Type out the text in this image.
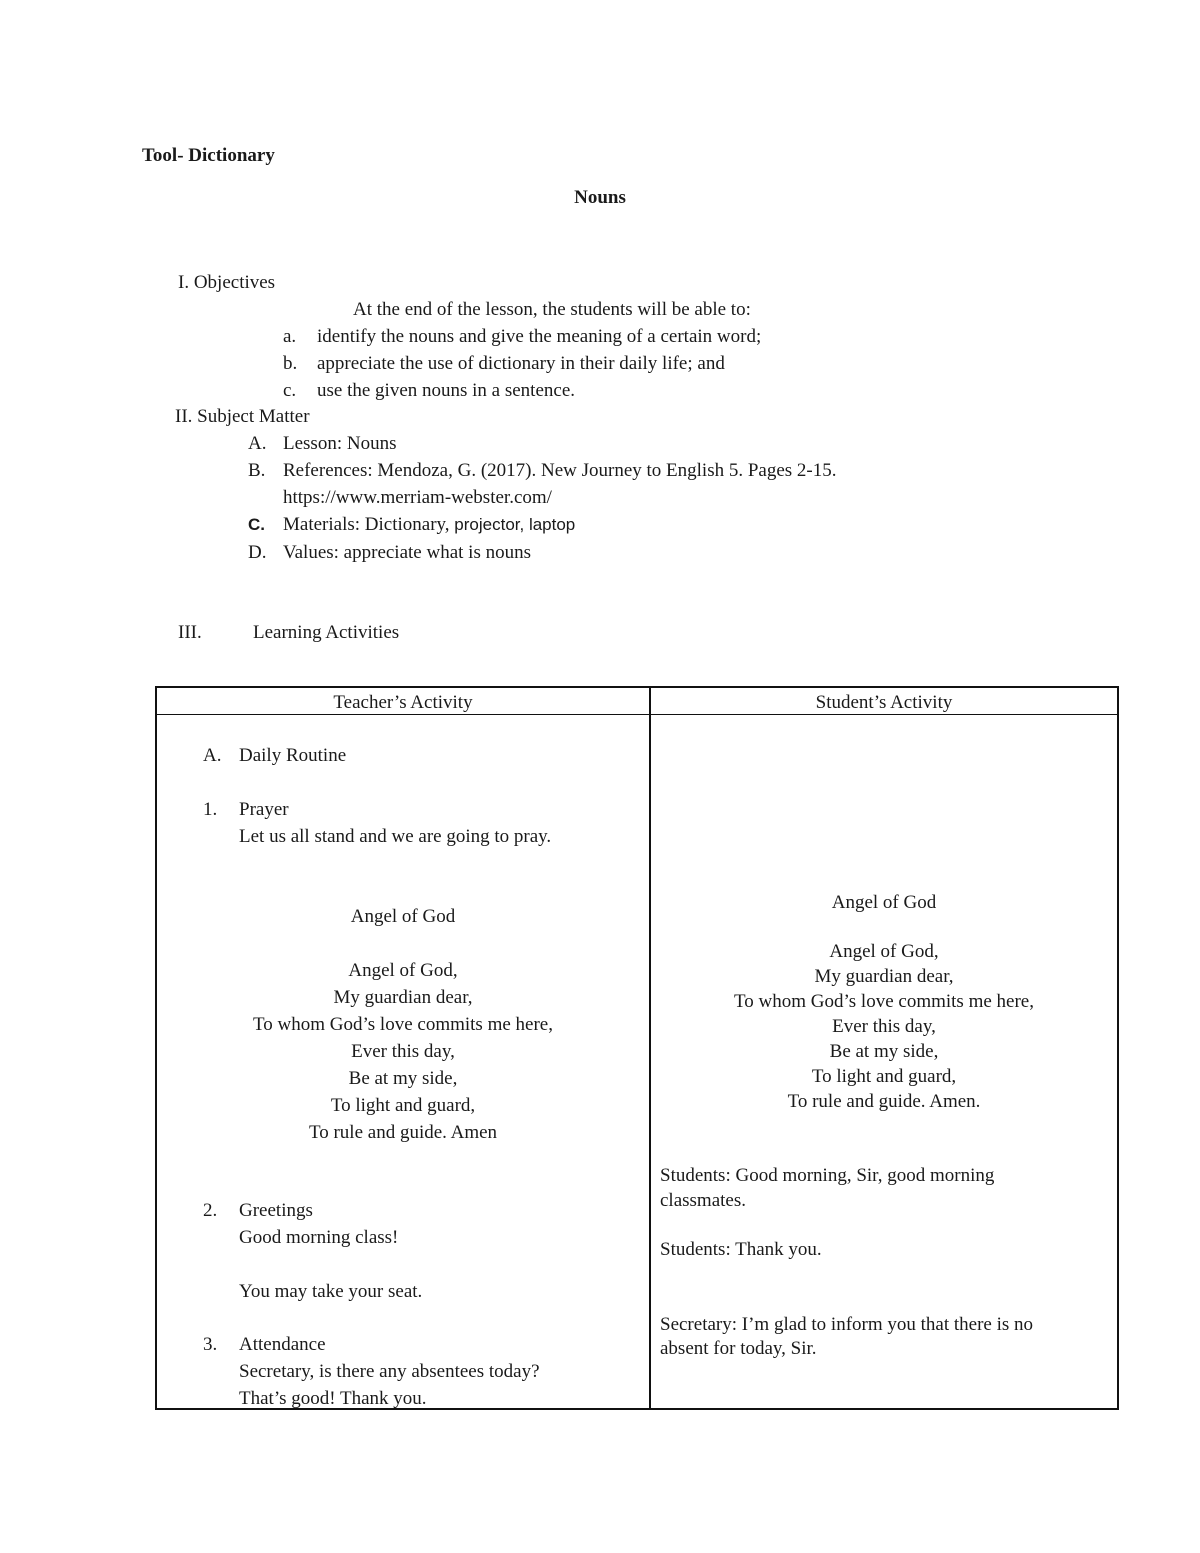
Tool- Dictionary
Nouns
I. Objectives
At the end of the lesson, the students will be able to:
a. identify the nouns and give the meaning of a certain word;
b. appreciate the use of dictionary in their daily life; and
c. use the given nouns in a sentence.
II. Subject Matter
A. Lesson: Nouns
B. References: Mendoza, G. (2017). New Journey to English 5. Pages 2-15.
https://www.merriam-webster.com/
C. Materials: Dictionary, projector, laptop
D. Values: appreciate what is nouns
III.	Learning Activities
Teacher’s Activity	Student’s Activity
A. Daily Routine
1. Prayer
Let us all stand and we are going to pray.
Angel of God
Angel of God,
My guardian dear,
To whom God’s love commits me here,
Ever this day,
Be at my side,
To light and guard,
To rule and guide. Amen
2. Greetings
Good morning class!
You may take your seat.
3. Attendance
Secretary, is there any absentees today?
That’s good! Thank you.
Angel of God
Angel of God,
My guardian dear,
To whom God’s love commits me here,
Ever this day,
Be at my side,
To light and guard,
To rule and guide. Amen.
Students: Good morning, Sir, good morning
classmates.
Students: Thank you.
Secretary: I’m glad to inform you that there is no
absent for today, Sir.
